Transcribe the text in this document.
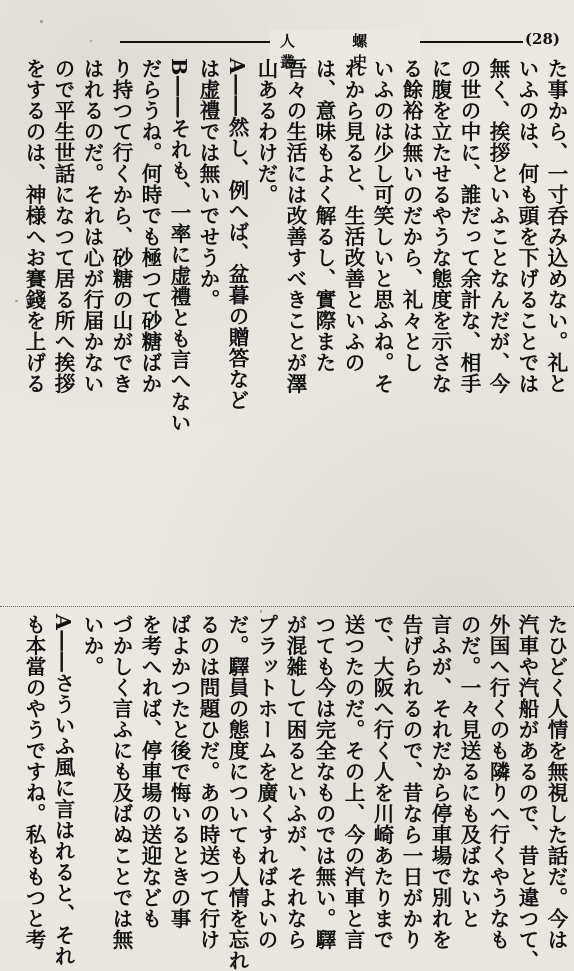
人 螺 叢 史
(28)
た事から、一寸呑み込めない。礼と
いふのは、何も頭を下げることでは
無く、挨拶といふことなんだが、今
の世の中に、誰だって余計な、相手
に腹を立たせるやうな態度を示さな
る餘裕は無いのだから、礼々とし
いふのは少し可笑しいと思ふね。そ
れから見ると、生活改善といふの
は、意味もよく解るし、實際また
吾々の生活には改善すべきことが澤
山あるわけだ。
A――然し、例へば、盆暮の贈答など
は虚禮では無いでせうか。
B――それも、一率に虚禮とも言へない
だらうね。何時でも極つて砂糖ばか
り持つて行くから、砂糖の山ができ
はれるのだ。それは心が行届かない
ので平生世話になつて居る所へ挨拶
をするのは、神様へお賽錢を上げる
たひどく人情を無視した話だ。今は
汽車や汽船があるので、昔と違つて、
外国へ行くのも隣りへ行くやうなも
のだ。一々見送るにも及ばないと
言ふが、それだから停車場で別れを
告げられるので、昔なら一日がかり
で、大阪へ行く人を川崎あたりまで
送つたのだ。その上、今の汽車と言
つても今は完全なものでは無い。驛
が混雑して困るといふが、それなら
プラットホームを廣くすればよいの
だ。驛員の態度についても人情を忘れ
るのは問題ひだ。あの時送つて行け
ばよかつたと後で悔いるときの事
を考へれば、停車場の送迎なども
づかしく言ふにも及ばぬことでは無
いか。
A――さういふ風に言はれると、それ
も本當のやうですね。私ももつと考
